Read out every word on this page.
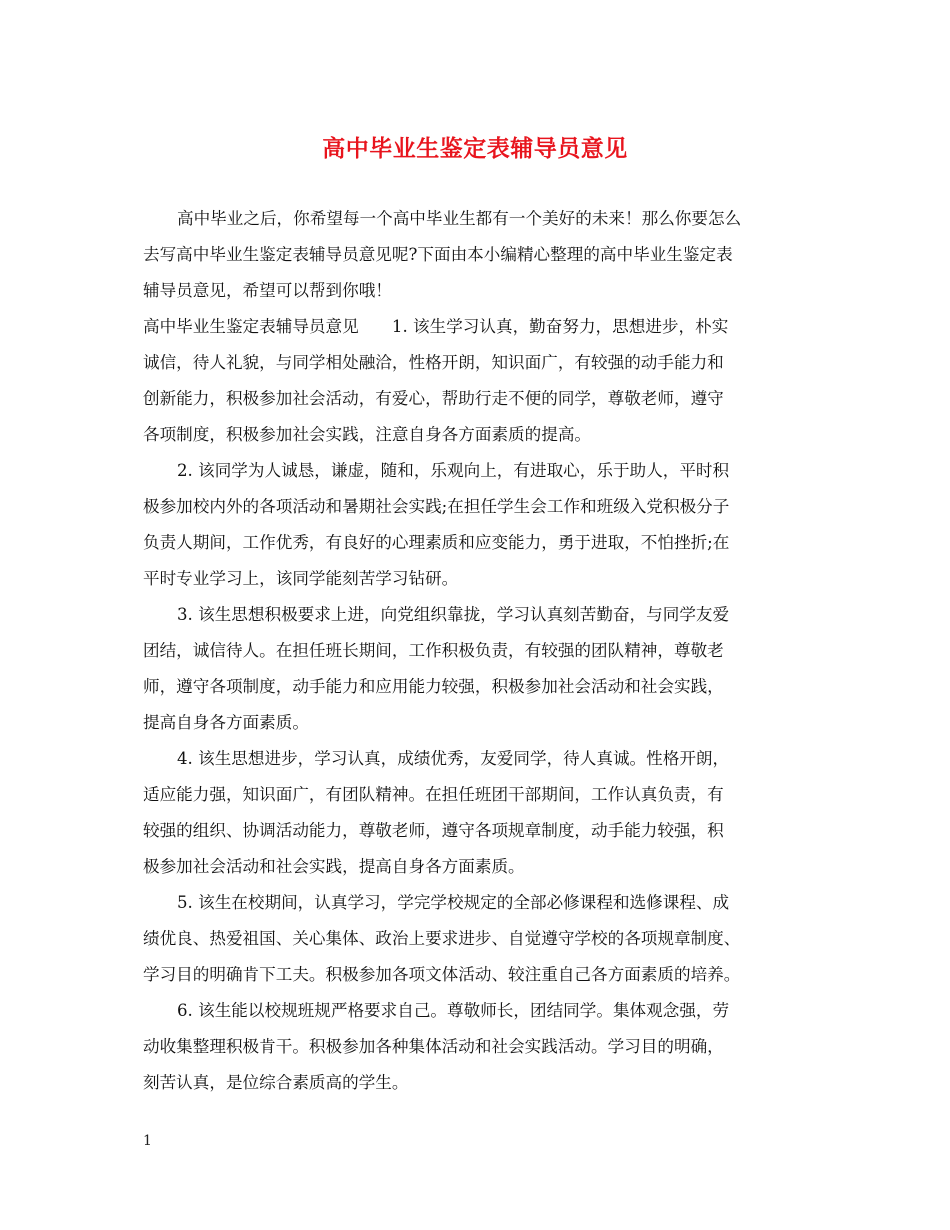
高中毕业生鉴定表辅导员意见
高中毕业之后，你希望每一个高中毕业生都有一个美好的未来！那么你要怎么
去写高中毕业生鉴定表辅导员意见呢?下面由本小编精心整理的高中毕业生鉴定表
辅导员意见，希望可以帮到你哦！
高中毕业生鉴定表辅导员意见　　1. 该生学习认真，勤奋努力，思想进步，朴实
诚信，待人礼貌，与同学相处融洽，性格开朗，知识面广，有较强的动手能力和
创新能力，积极参加社会活动，有爱心，帮助行走不便的同学，尊敬老师，遵守
各项制度，积极参加社会实践，注意自身各方面素质的提高。
2. 该同学为人诚恳，谦虚，随和，乐观向上，有进取心，乐于助人，平时积
极参加校内外的各项活动和暑期社会实践;在担任学生会工作和班级入党积极分子
负责人期间，工作优秀，有良好的心理素质和应变能力，勇于进取，不怕挫折;在
平时专业学习上，该同学能刻苦学习钻研。
3. 该生思想积极要求上进，向党组织靠拢，学习认真刻苦勤奋，与同学友爱
团结，诚信待人。在担任班长期间，工作积极负责，有较强的团队精神，尊敬老
师，遵守各项制度，动手能力和应用能力较强，积极参加社会活动和社会实践，
提高自身各方面素质。
4. 该生思想进步，学习认真，成绩优秀，友爱同学，待人真诚。性格开朗，
适应能力强，知识面广，有团队精神。在担任班团干部期间，工作认真负责，有
较强的组织、协调活动能力，尊敬老师，遵守各项规章制度，动手能力较强，积
极参加社会活动和社会实践，提高自身各方面素质。
5. 该生在校期间，认真学习，学完学校规定的全部必修课程和选修课程、成
绩优良、热爱祖国、关心集体、政治上要求进步、自觉遵守学校的各项规章制度、
学习目的明确肯下工夫。积极参加各项文体活动、较注重自己各方面素质的培养。
6. 该生能以校规班规严格要求自己。尊敬师长，团结同学。集体观念强，劳
动收集整理积极肯干。积极参加各种集体活动和社会实践活动。学习目的明确，
刻苦认真，是位综合素质高的学生。
1
